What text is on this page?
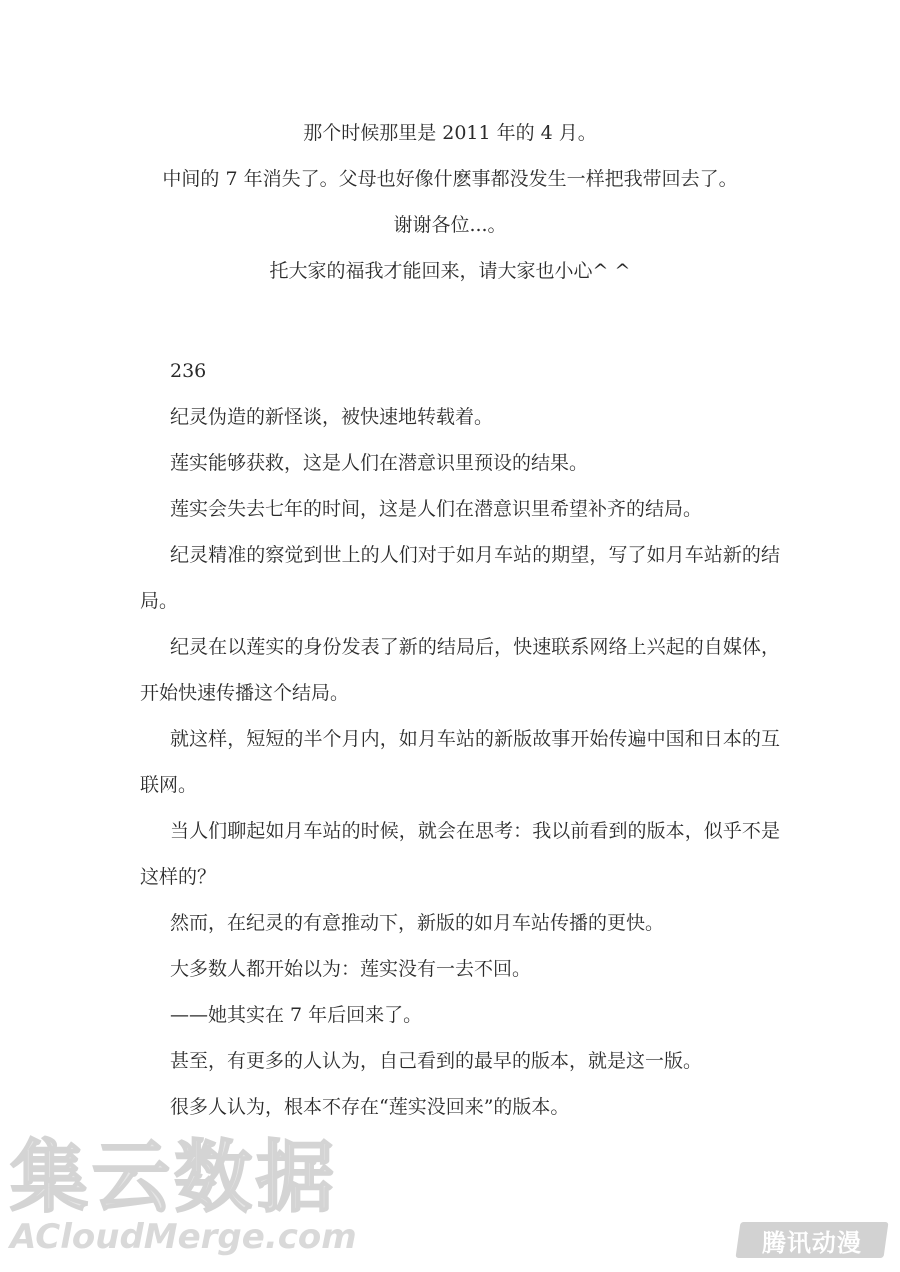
那个时候那里是 2011 年的 4 月。
中间的 7 年消失了。父母也好像什麽事都没发生一样把我带回去了。
谢谢各位...。
托大家的福我才能回来，请大家也小心^ ^
236

纪灵伪造的新怪谈，被快速地转载着。

莲实能够获救，这是人们在潜意识里预设的结果。

莲实会失去七年的时间，这是人们在潜意识里希望补齐的结局。

纪灵精准的察觉到世上的人们对于如月车站的期望，写了如月车站新的结局。

纪灵在以莲实的身份发表了新的结局后，快速联系网络上兴起的自媒体，开始快速传播这个结局。

就这样，短短的半个月内，如月车站的新版故事开始传遍中国和日本的互联网。

当人们聊起如月车站的时候，就会在思考：我以前看到的版本，似乎不是这样的？

然而，在纪灵的有意推动下，新版的如月车站传播的更快。

大多数人都开始以为：莲实没有一去不回。

——她其实在 7 年后回来了。

甚至，有更多的人认为，自己看到的最早的版本，就是这一版。

很多人认为，根本不存在“莲实没回来”的版本。

集云数据
ACloudMerge.com	腾讯动漫
